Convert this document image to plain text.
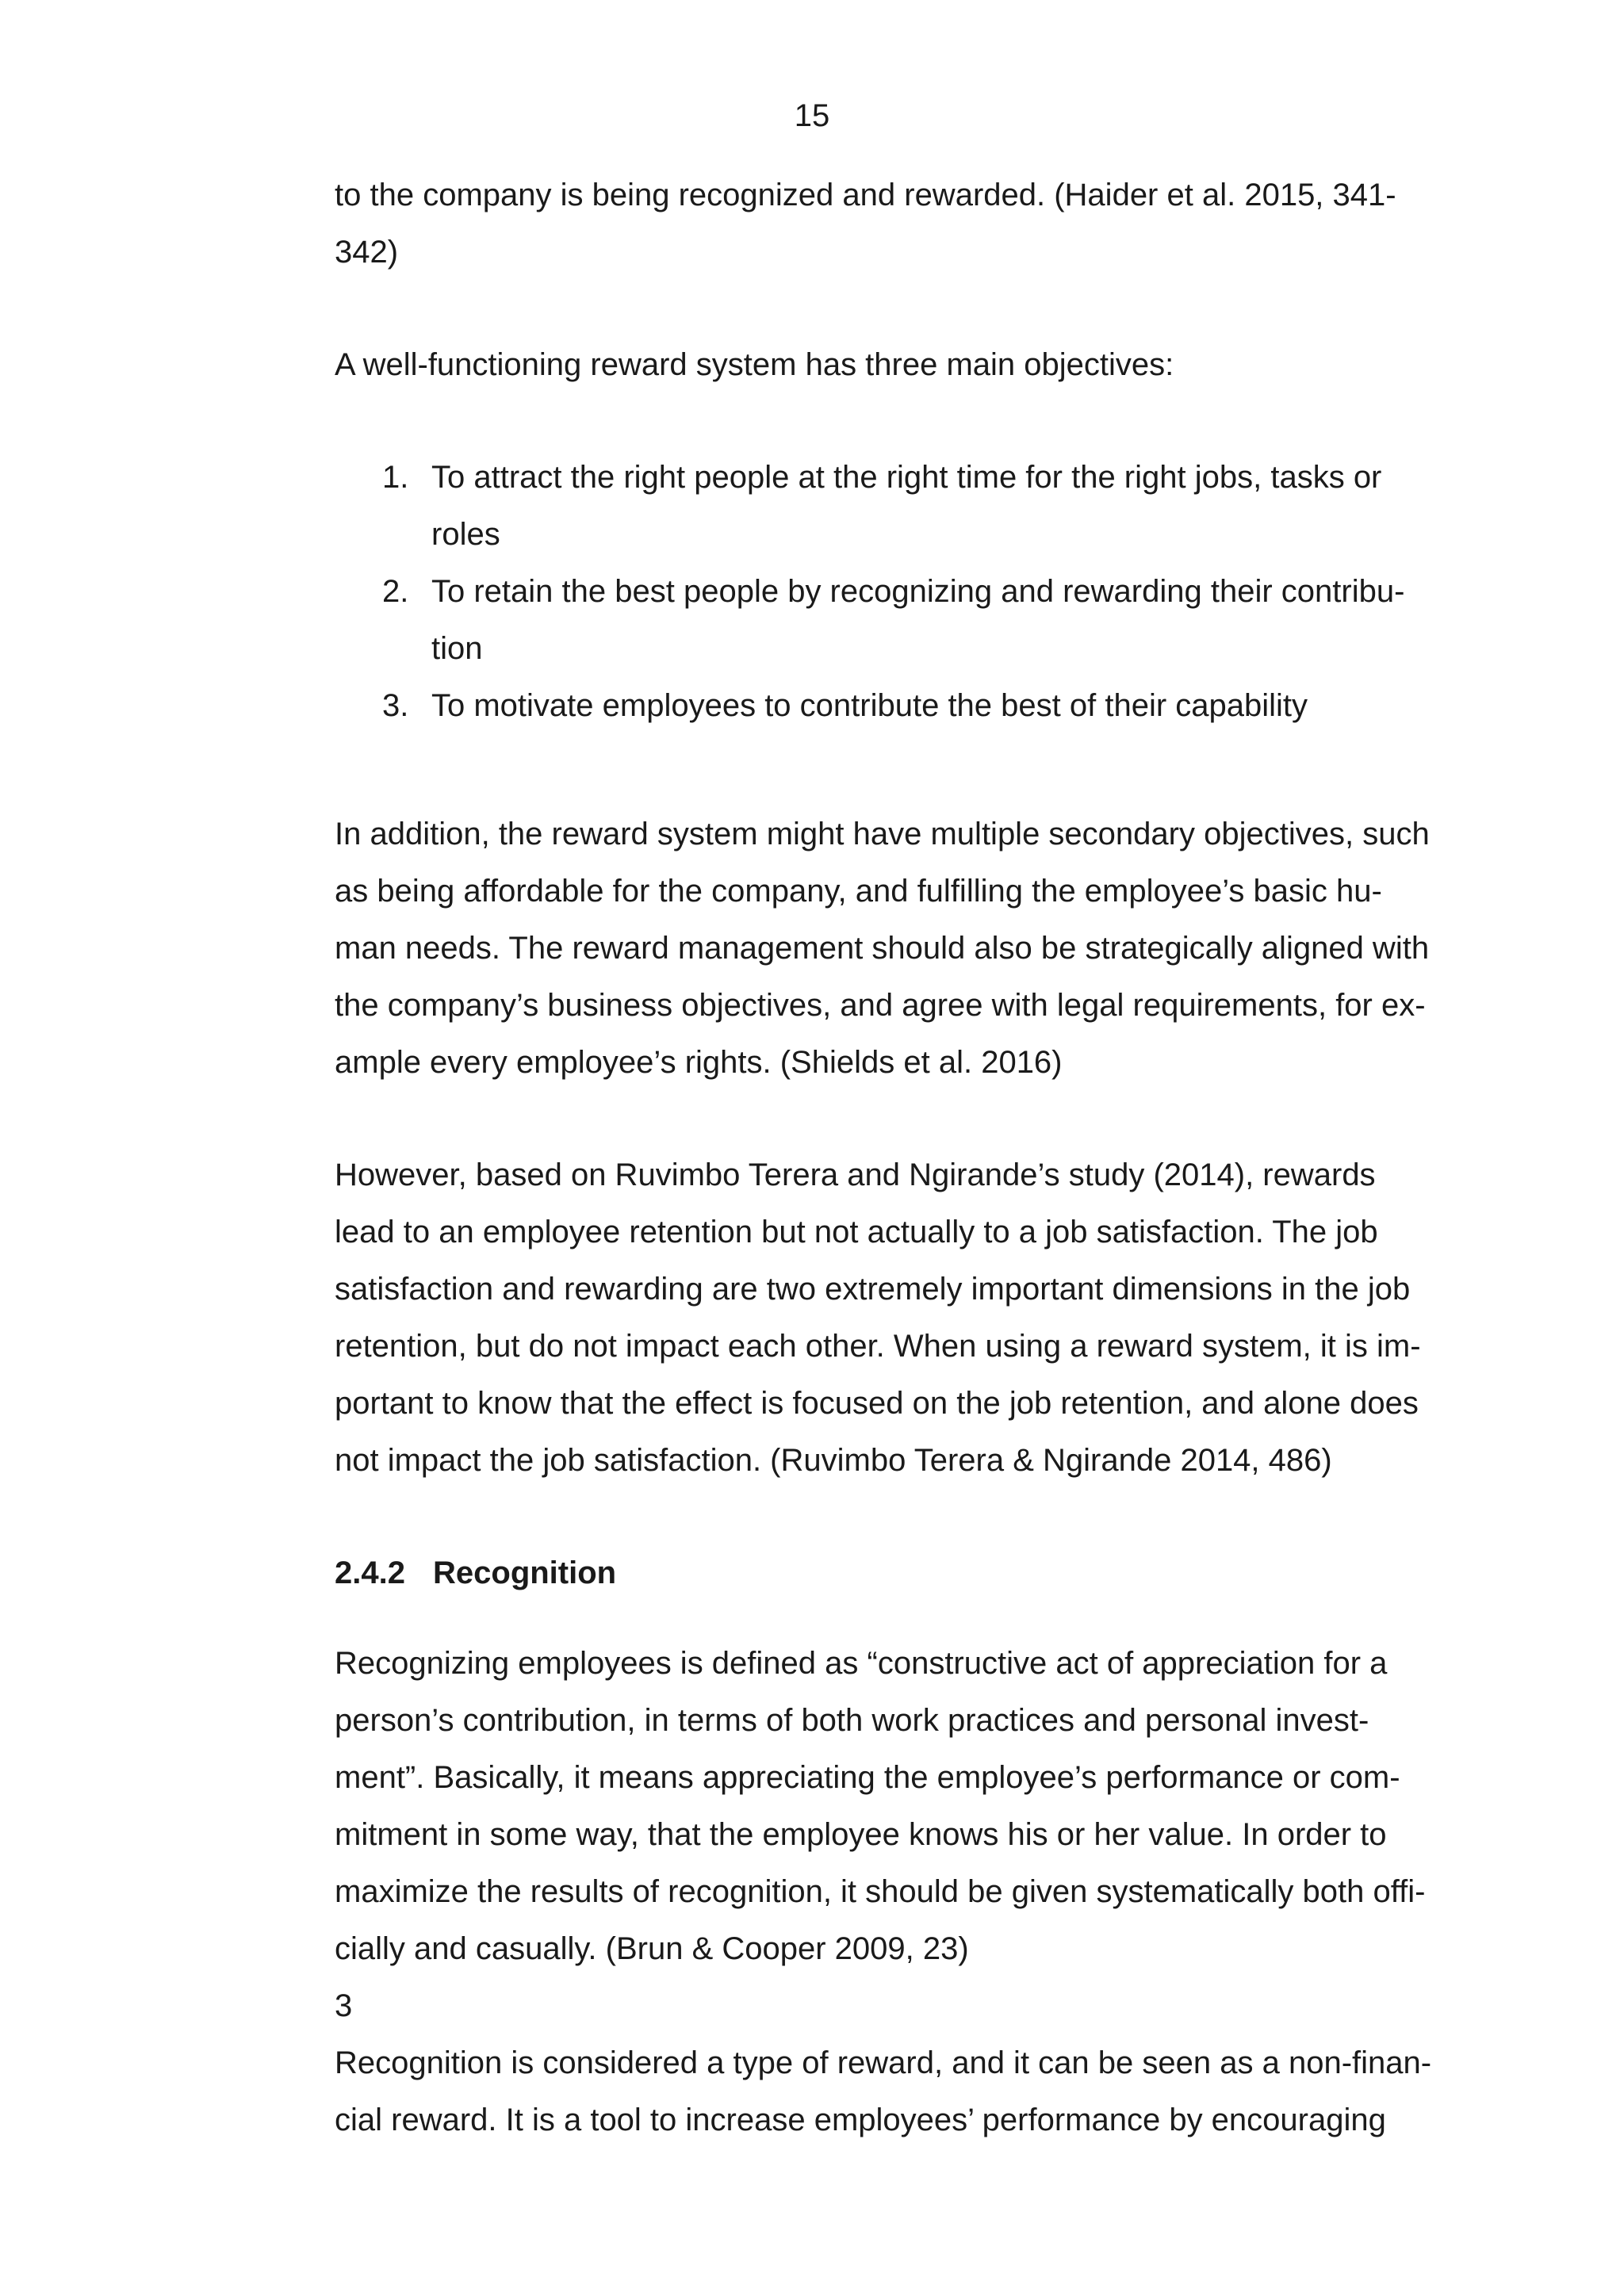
15
to the company is being recognized and rewarded. (Haider et al. 2015, 341-
342)
A well-functioning reward system has three main objectives:
1. To attract the right people at the right time for the right jobs, tasks or
roles
2. To retain the best people by recognizing and rewarding their contribu-
tion
3. To motivate employees to contribute the best of their capability
In addition, the reward system might have multiple secondary objectives, such
as being affordable for the company, and fulfilling the employee’s basic hu-
man needs. The reward management should also be strategically aligned with
the company’s business objectives, and agree with legal requirements, for ex-
ample every employee’s rights. (Shields et al. 2016)
However, based on Ruvimbo Terera and Ngirande’s study (2014), rewards
lead to an employee retention but not actually to a job satisfaction. The job
satisfaction and rewarding are two extremely important dimensions in the job
retention, but do not impact each other. When using a reward system, it is im-
portant to know that the effect is focused on the job retention, and alone does
not impact the job satisfaction. (Ruvimbo Terera & Ngirande 2014, 486)
2.4.2 Recognition
Recognizing employees is defined as “constructive act of appreciation for a
person’s contribution, in terms of both work practices and personal invest-
ment”. Basically, it means appreciating the employee’s performance or com-
mitment in some way, that the employee knows his or her value. In order to
maximize the results of recognition, it should be given systematically both offi-
cially and casually. (Brun & Cooper 2009, 23)
3
Recognition is considered a type of reward, and it can be seen as a non-finan-
cial reward. It is a tool to increase employees’ performance by encouraging
